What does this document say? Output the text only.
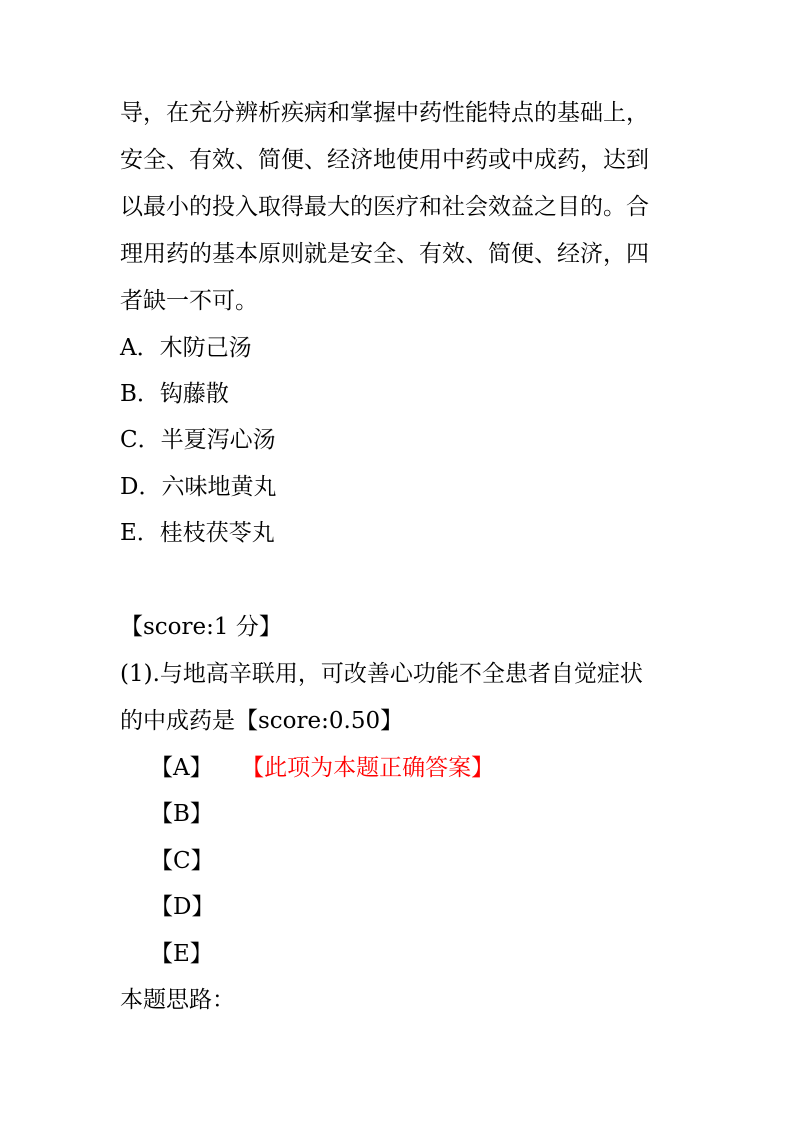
导，在充分辨析疾病和掌握中药性能特点的基础上，
安全、有效、简便、经济地使用中药或中成药，达到
以最小的投入取得最大的医疗和社会效益之目的。合
理用药的基本原则就是安全、有效、简便、经济，四
者缺一不可。
A．木防己汤
B．钩藤散
C．半夏泻心汤
D．六味地黄丸
E．桂枝茯苓丸
【score:1 分】
(1).与地高辛联用，可改善心功能不全患者自觉症状
的中成药是【score:0.50】
【A】 【此项为本题正确答案】
【B】
【C】
【D】
【E】
本题思路：
